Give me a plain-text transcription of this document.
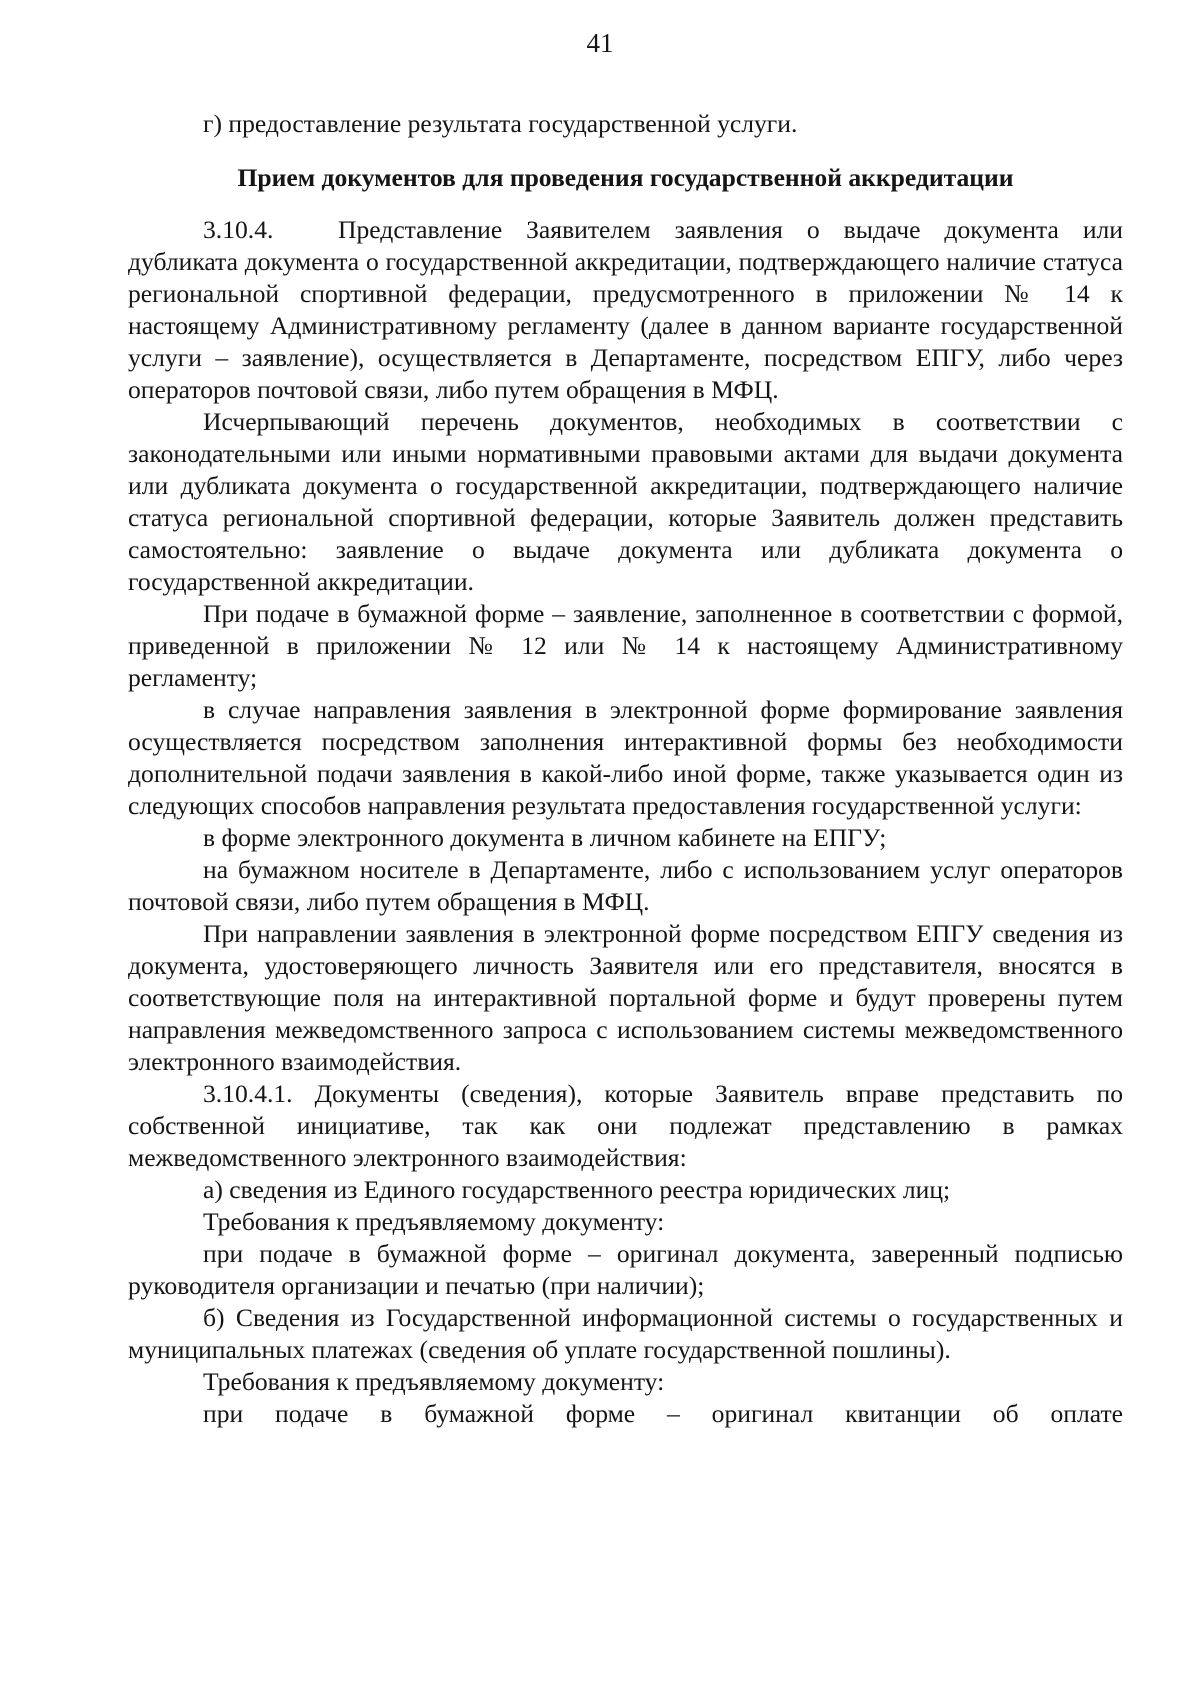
41

г) предоставление результата государственной услуги.

Прием документов для проведения государственной аккредитации

3.10.4.	Представление Заявителем заявления о выдаче документа или дубликата документа о государственной аккредитации, подтверждающего наличие статуса региональной спортивной федерации, предусмотренного в приложении № 14 к настоящему Административному регламенту (далее в данном варианте государственной услуги – заявление), осуществляется в Департаменте, посредством ЕПГУ, либо через операторов почтовой связи, либо путем обращения в МФЦ.

Исчерпывающий перечень документов, необходимых в соответствии с законодательными или иными нормативными правовыми актами для выдачи документа или дубликата документа о государственной аккредитации, подтверждающего наличие статуса региональной спортивной федерации, которые Заявитель должен представить самостоятельно: заявление о выдаче документа или дубликата документа о государственной аккредитации.

При подаче в бумажной форме – заявление, заполненное в соответствии с формой, приведенной в приложении № 12 или № 14 к настоящему Административному регламенту;

в случае направления заявления в электронной форме формирование заявления осуществляется посредством заполнения интерактивной формы без необходимости дополнительной подачи заявления в какой-либо иной форме, также указывается один из следующих способов направления результата предоставления государственной услуги:

в форме электронного документа в личном кабинете на ЕПГУ;

на бумажном носителе в Департаменте, либо с использованием услуг операторов почтовой связи, либо путем обращения в МФЦ.

При направлении заявления в электронной форме посредством ЕПГУ сведения из документа, удостоверяющего личность Заявителя или его представителя, вносятся в соответствующие поля на интерактивной портальной форме и будут проверены путем направления межведомственного запроса с использованием системы межведомственного электронного взаимодействия.

3.10.4.1. Документы (сведения), которые Заявитель вправе представить по собственной инициативе, так как они подлежат представлению в рамках межведомственного электронного взаимодействия:

а) сведения из Единого государственного реестра юридических лиц;

Требования к предъявляемому документу:

при подаче в бумажной форме – оригинал документа, заверенный подписью руководителя организации и печатью (при наличии);

б) Сведения из Государственной информационной системы о государственных и муниципальных платежах (сведения об уплате государственной пошлины).

Требования к предъявляемому документу:

при подаче в бумажной форме – оригинал квитанции об оплате
